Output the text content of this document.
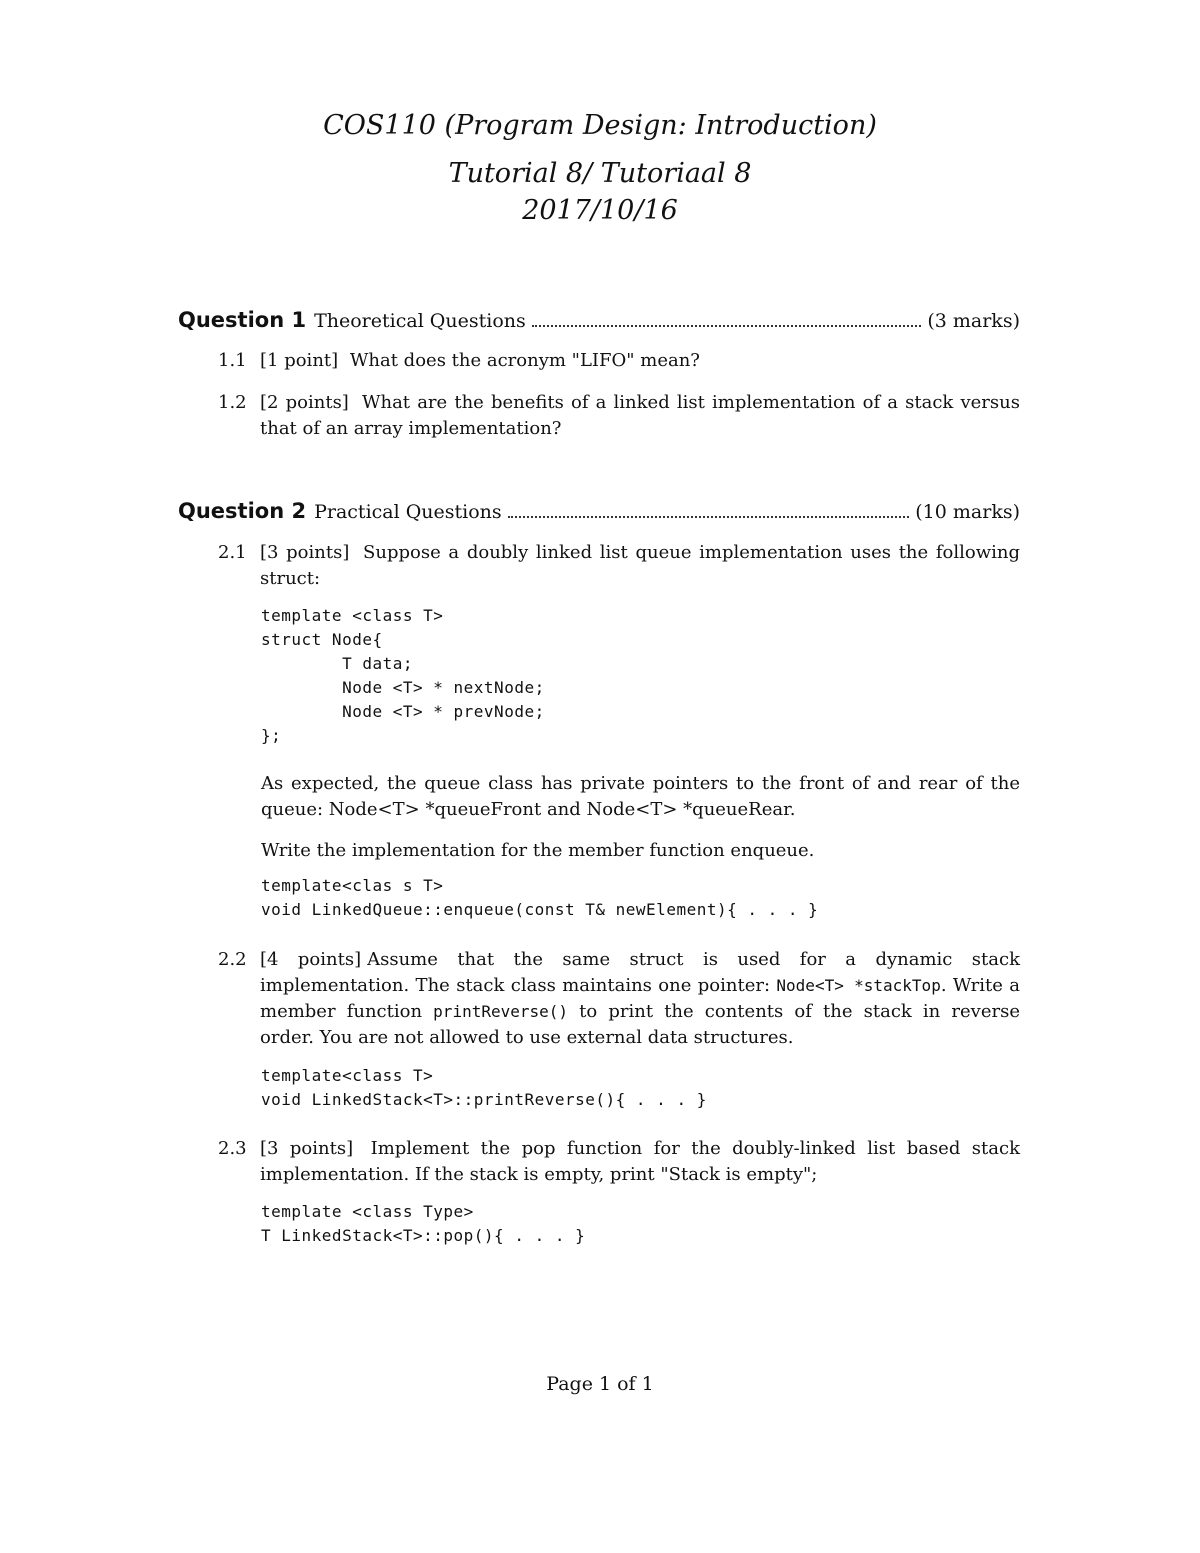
COS110 (Program Design: Introduction)
Tutorial 8/ Tutoriaal 8
2017/10/16
Question 1 Theoretical Questions	(3 marks)
1.1 [1 point] What does the acronym "LIFO" mean?
1.2 [2 points] What are the benefits of a linked list implementation of a stack versus that of an array implementation?
Question 2 Practical Questions	(10 marks)
2.1 [3 points] Suppose a doubly linked list queue implementation uses the following struct:
template <class T>
struct Node{
T data;
Node <T> * nextNode;
Node <T> * prevNode;
};
As expected, the queue class has private pointers to the front of and rear of the queue: Node<T> *queueFront and Node<T> *queueRear.
Write the implementation for the member function enqueue.
template<clas s T>
void LinkedQueue::enqueue(const T& newElement){ . . . }
2.2 [4 points] Assume that the same struct is used for a dynamic stack implementation. The stack class maintains one pointer: Node<T> *stackTop. Write a member function printReverse() to print the contents of the stack in reverse order. You are not allowed to use external data structures.
template<class T>
void LinkedStack<T>::printReverse(){ . . . }
2.3 [3 points] Implement the pop function for the doubly-linked list based stack implementation. If the stack is empty, print "Stack is empty";
template <class Type>
T LinkedStack<T>::pop(){ . . . }
Page 1 of 1
